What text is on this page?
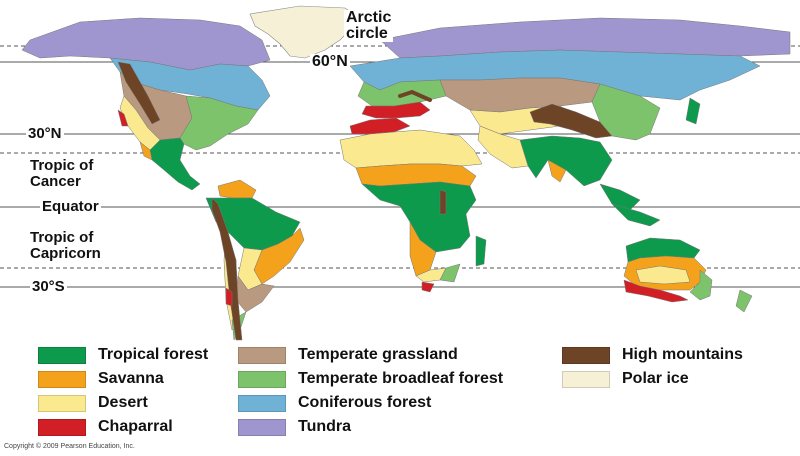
Arctic
circle
60°N
30°N
Tropic of
Cancer
Equator
Tropic of
Capricorn
30°S
Tropical forest
Savanna
Desert
Chaparral
Temperate grassland
Temperate broadleaf forest
Coniferous forest
Tundra
High mountains
Polar ice
Copyright © 2009 Pearson Education, Inc.
